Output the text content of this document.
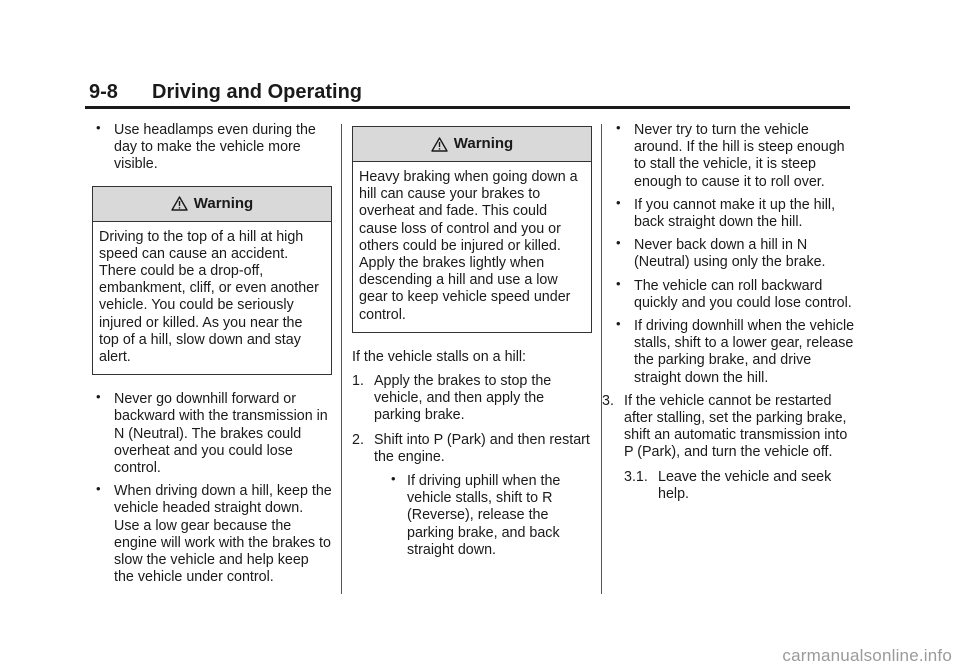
9-8 Driving and Operating
• Use headlamps even during the day to make the vehicle more visible.
Warning
Driving to the top of a hill at high speed can cause an accident. There could be a drop-off, embankment, cliff, or even another vehicle. You could be seriously injured or killed. As you near the top of a hill, slow down and stay alert.
• Never go downhill forward or backward with the transmission in N (Neutral). The brakes could overheat and you could lose control.
• When driving down a hill, keep the vehicle headed straight down. Use a low gear because the engine will work with the brakes to slow the vehicle and help keep the vehicle under control.
Warning
Heavy braking when going down a hill can cause your brakes to overheat and fade. This could cause loss of control and you or others could be injured or killed. Apply the brakes lightly when descending a hill and use a low gear to keep vehicle speed under control.
If the vehicle stalls on a hill:
1. Apply the brakes to stop the vehicle, and then apply the parking brake.
2. Shift into P (Park) and then restart the engine.
• If driving uphill when the vehicle stalls, shift to R (Reverse), release the parking brake, and back straight down.
• Never try to turn the vehicle around. If the hill is steep enough to stall the vehicle, it is steep enough to cause it to roll over.
• If you cannot make it up the hill, back straight down the hill.
• Never back down a hill in N (Neutral) using only the brake.
• The vehicle can roll backward quickly and you could lose control.
• If driving downhill when the vehicle stalls, shift to a lower gear, release the parking brake, and drive straight down the hill.
3. If the vehicle cannot be restarted after stalling, set the parking brake, shift an automatic transmission into P (Park), and turn the vehicle off.
3.1. Leave the vehicle and seek help.
carmanualsonline.info
